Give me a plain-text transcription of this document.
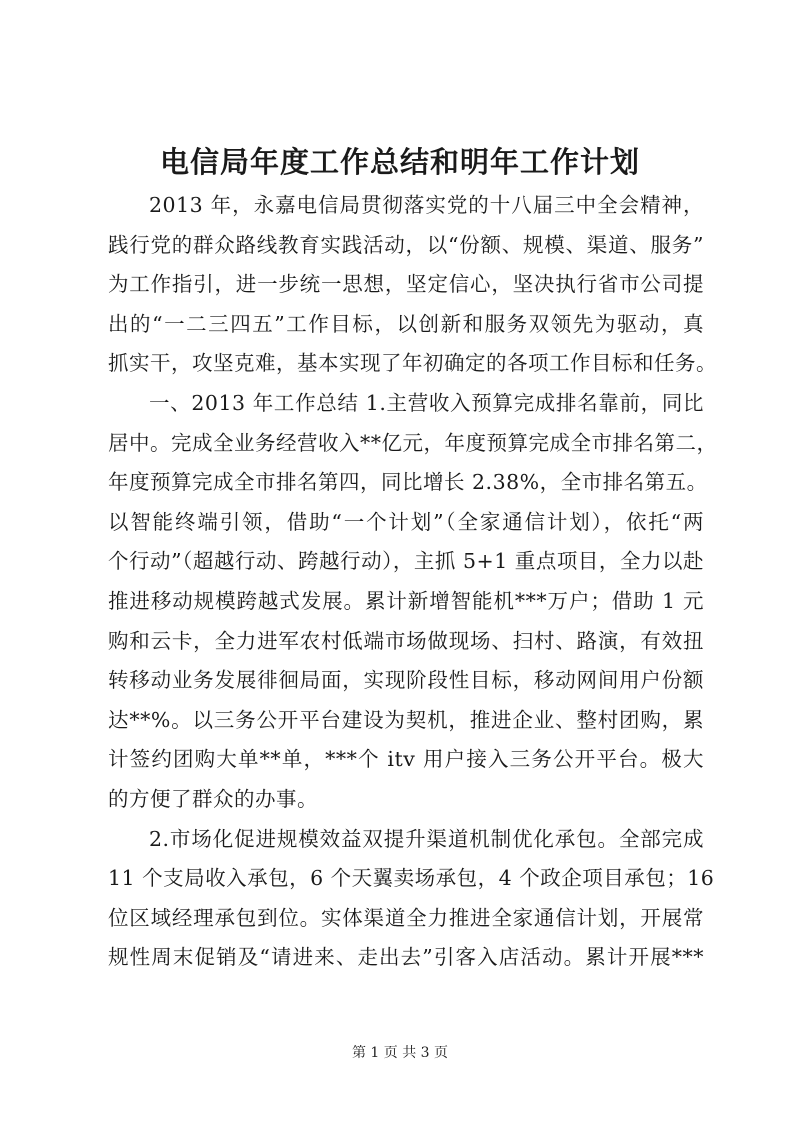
电信局年度工作总结和明年工作计划
2013 年，永嘉电信局贯彻落实党的十八届三中全会精神，
践行党的群众路线教育实践活动，以“份额、规模、渠道、服务”
为工作指引，进一步统一思想，坚定信心，坚决执行省市公司提
出的“一二三四五”工作目标，以创新和服务双领先为驱动，真
抓实干，攻坚克难，基本实现了年初确定的各项工作目标和任务。
一、2013 年工作总结 1.主营收入预算完成排名靠前，同比
居中。完成全业务经营收入**亿元，年度预算完成全市排名第二，
年度预算完成全市排名第四，同比增长 2.38%，全市排名第五。
以智能终端引领，借助“一个计划”（全家通信计划），依托“两
个行动”（超越行动、跨越行动），主抓 5+1 重点项目，全力以赴
推进移动规模跨越式发展。累计新增智能机***万户；借助 1 元
购和云卡，全力进军农村低端市场做现场、扫村、路演，有效扭
转移动业务发展徘徊局面，实现阶段性目标，移动网间用户份额
达**%。以三务公开平台建设为契机，推进企业、整村团购，累
计签约团购大单**单，***个 itv 用户接入三务公开平台。极大
的方便了群众的办事。
2.市场化促进规模效益双提升渠道机制优化承包。全部完成
11 个支局收入承包，6 个天翼卖场承包，4 个政企项目承包；16
位区域经理承包到位。实体渠道全力推进全家通信计划，开展常
规性周末促销及“请进来、走出去”引客入店活动。累计开展***
第 1 页 共 3 页
